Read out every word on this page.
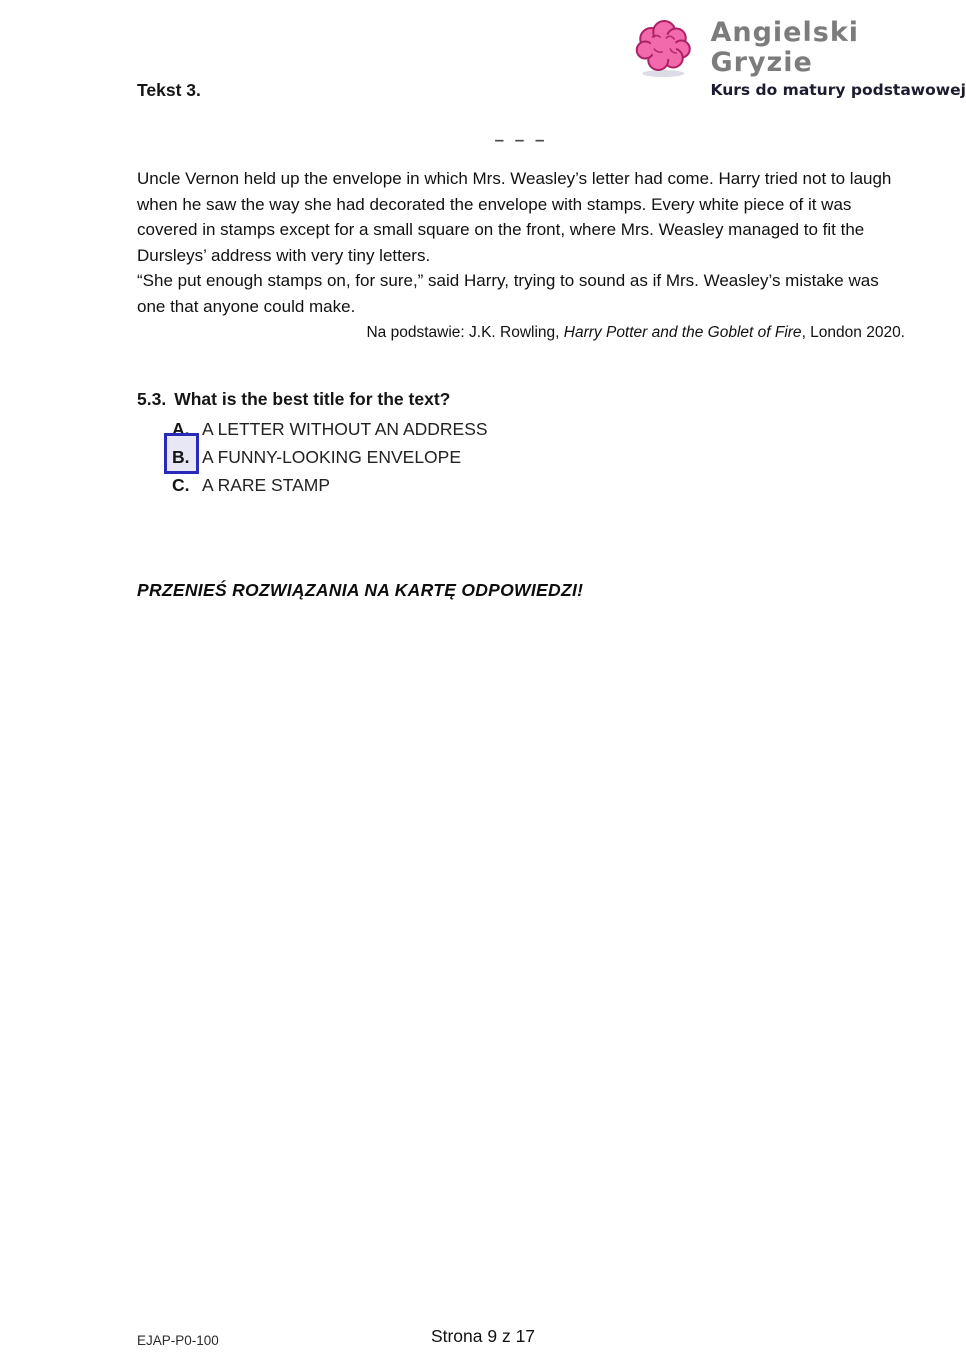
Angielski Gryzie
Kurs do matury podstawowej
Tekst 3.
– – –

Uncle Vernon held up the envelope in which Mrs. Weasley’s letter had come. Harry tried not to laugh when he saw the way she had decorated the envelope with stamps. Every white piece of it was covered in stamps except for a small square on the front, where Mrs. Weasley managed to fit the Dursleys’ address with very tiny letters.

“She put enough stamps on, for sure,” said Harry, trying to sound as if Mrs. Weasley’s mistake was one that anyone could make.

Na podstawie: J.K. Rowling, Harry Potter and the Goblet of Fire, London 2020.
5.3. What is the best title for the text?
A. A LETTER WITHOUT AN ADDRESS
B. A FUNNY-LOOKING ENVELOPE
C. A RARE STAMP
PRZENIEŚ ROZWIĄZANIA NA KARTĘ ODPOWIEDZI!
EJAP-P0-100	Strona 9 z 17
